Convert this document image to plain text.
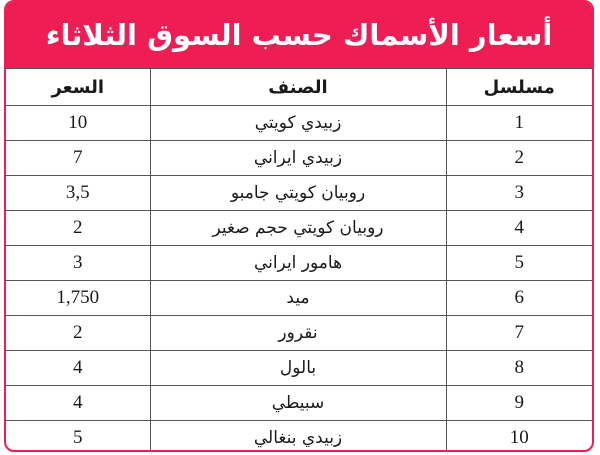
أسعار الأسماك حسب السوق الثلاثاء
مسلسل	الصنف	السعر
1	زبيدي كويتي	10
2	زبيدي ايراني	7
3	روبيان كويتي جامبو	3,5
4	روبيان كويتي حجم صغير	2
5	هامور ايراني	3
6	ميد	1,750
7	نقرور	2
8	بالول	4
9	سبيطي	4
10	زبيدي بنغالي	5
